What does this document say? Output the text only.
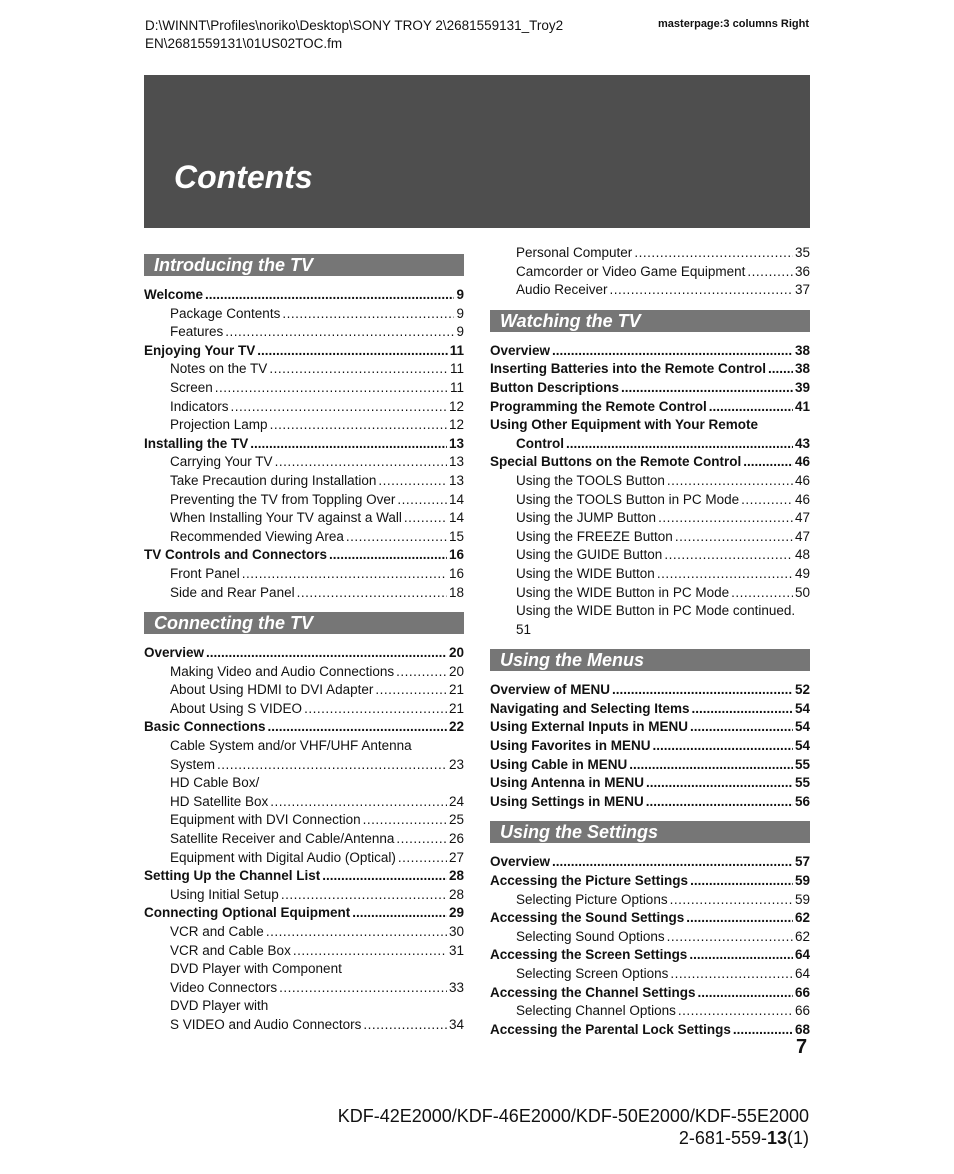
D:\WINNT\Profiles\noriko\Desktop\SONY TROY 2\2681559131_Troy2
EN\2681559131\01US02TOC.fm
masterpage:3 columns Right
Contents
Introducing the TV
Welcome .....	9
Package Contents .....	9
Features .....	9
Enjoying Your TV .....	11
Notes on the TV .....	11
Screen .....	11
Indicators .....	12
Projection Lamp .....	12
Installing the TV .....	13
Carrying Your TV .....	13
Take Precaution during Installation .....	13
Preventing the TV from Toppling Over .....	14
When Installing Your TV against a Wall .....	14
Recommended Viewing Area .....	15
TV Controls and Connectors .....	16
Front Panel .....	16
Side and Rear Panel .....	18
Connecting the TV
Overview .....	20
Making Video and Audio Connections .....	20
About Using HDMI to DVI Adapter .....	21
About Using S VIDEO .....	21
Basic Connections .....	22
Cable System and/or VHF/UHF Antenna
System .....	23
HD Cable Box/
HD Satellite Box .....	24
Equipment with DVI Connection .....	25
Satellite Receiver and Cable/Antenna .....	26
Equipment with Digital Audio (Optical) .....	27
Setting Up the Channel List .....	28
Using Initial Setup .....	28
Connecting Optional Equipment .....	29
VCR and Cable .....	30
VCR and Cable Box .....	31
DVD Player with Component
Video Connectors .....	33
DVD Player with
S VIDEO and Audio Connectors .....	34
Personal Computer .....	35
Camcorder or Video Game Equipment .....	36
Audio Receiver .....	37
Watching the TV
Overview .....	38
Inserting Batteries into the Remote Control ..... 38
Button Descriptions .....	39
Programming the Remote Control .....	41
Using Other Equipment with Your Remote
Control .....	43
Special Buttons on the Remote Control .....	46
Using the TOOLS Button .....	46
Using the TOOLS Button in PC Mode .....	46
Using the JUMP Button .....	47
Using the FREEZE Button .....	47
Using the GUIDE Button .....	48
Using the WIDE Button .....	49
Using the WIDE Button in PC Mode .....	50
Using the WIDE Button in PC Mode continued.
51
Using the Menus
Overview of MENU .....	52
Navigating and Selecting Items .....	54
Using External Inputs in MENU .....	54
Using Favorites in MENU .....	54
Using Cable in MENU .....	55
Using Antenna in MENU .....	55
Using Settings in MENU .....	56
Using the Settings
Overview .....	57
Accessing the Picture Settings .....	59
Selecting Picture Options .....	59
Accessing the Sound Settings .....	62
Selecting Sound Options .....	62
Accessing the Screen Settings .....	64
Selecting Screen Options .....	64
Accessing the Channel Settings .....	66
Selecting Channel Options .....	66
Accessing the Parental Lock Settings .....	68
7
KDF-42E2000/KDF-46E2000/KDF-50E2000/KDF-55E2000
2-681-559-13(1)
